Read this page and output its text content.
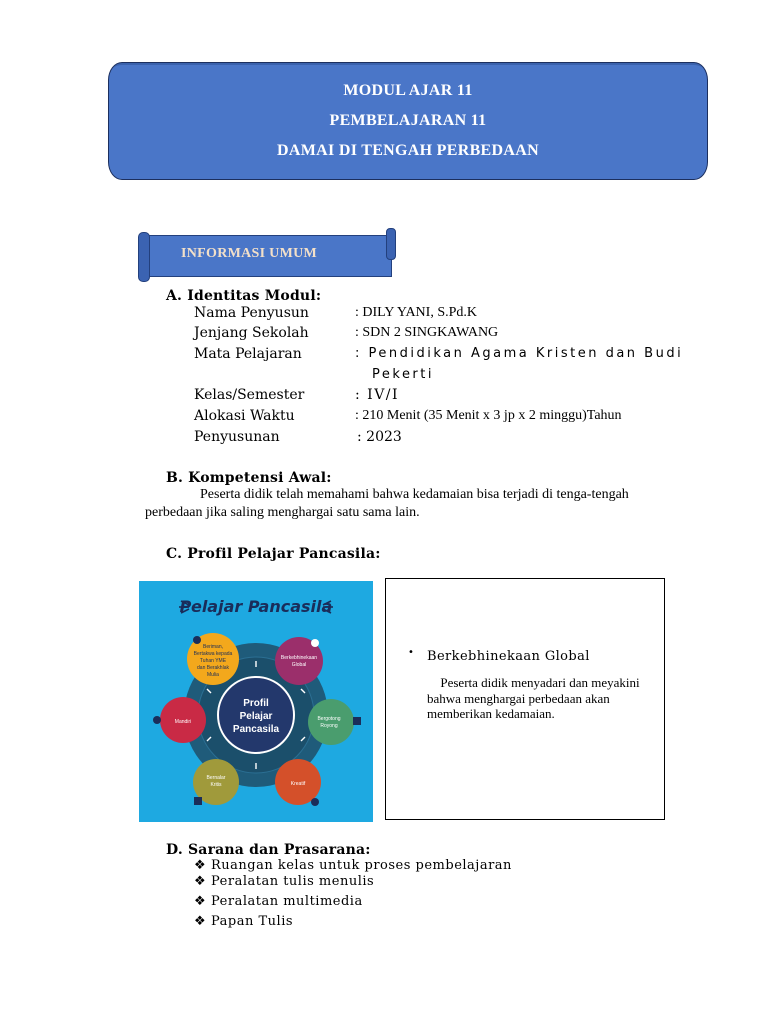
MODUL AJAR 11
PEMBELAJARAN 11
DAMAI DI TENGAH PERBEDAAN
INFORMASI UMUM
A. Identitas Modul:
Nama Penyusun	: DILY YANI, S.Pd.K
Jenjang Sekolah	: SDN 2 SINGKAWANG
Mata Pelajaran	: Pendidikan Agama Kristen dan Budi
Pekerti
Kelas/Semester	: IV/I
Alokasi Waktu	: 210 Menit (35 Menit x 3 jp x 2 minggu)Tahun
Penyusunan	: 2023
B. Kompetensi Awal:
Peserta didik telah memahami bahwa kedamaian bisa terjadi di tenga-tengah
perbedaan jika saling menghargai satu sama lain.
C. Profil Pelajar Pancasila:
Pelajar Pancasila
Profil
Pelajar
Pancasila
Beriman,
Bertakwa kepada
Tuhan YME
dan Berakhlak
Mulia
Berkebhinekaan
Global
Bergotong
Royong
Kreatif
Bernalar
Kritis
Mandiri
• Berkebhinekaan Global
Peserta didik menyadari dan meyakini bahwa menghargai perbedaan akan memberikan kedamaian.
D. Sarana dan Prasarana:
❖ Ruangan kelas untuk proses pembelajaran
❖ Peralatan tulis menulis
❖ Peralatan multimedia
❖ Papan Tulis
